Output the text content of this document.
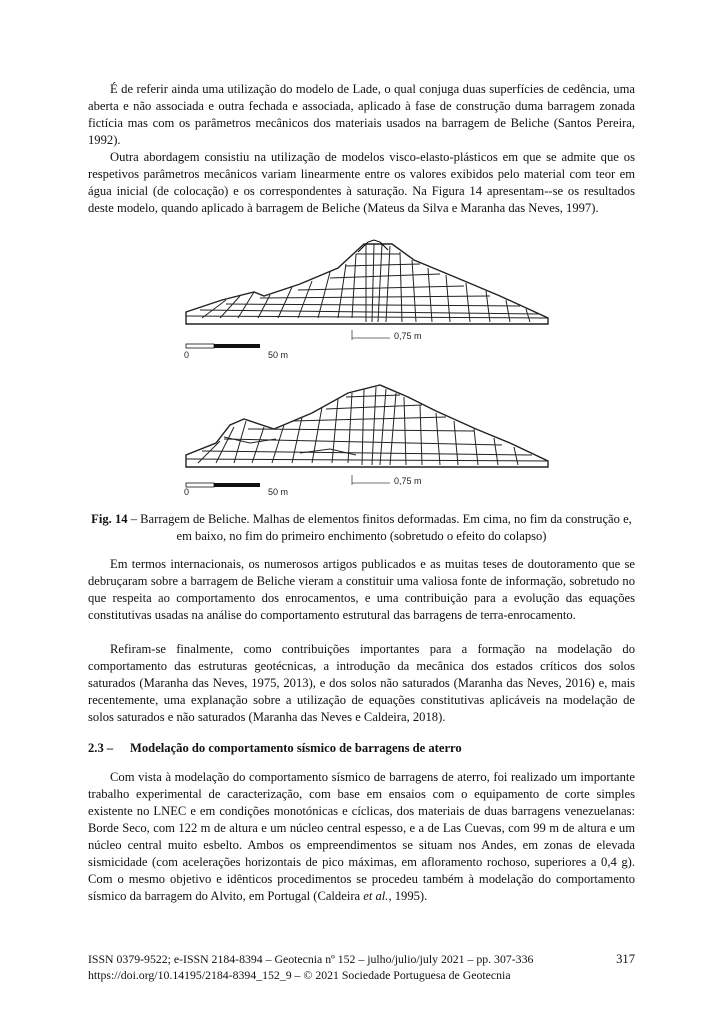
É de referir ainda uma utilização do modelo de Lade, o qual conjuga duas superfícies de cedência, uma aberta e não associada e outra fechada e associada, aplicado à fase de construção duma barragem zonada fictícia mas com os parâmetros mecânicos dos materiais usados na barragem de Beliche (Santos Pereira, 1992).

Outra abordagem consistiu na utilização de modelos visco-elasto-plásticos em que se admite que os respetivos parâmetros mecânicos variam linearmente entre os valores exibidos pelo material com teor em água inicial (de colocação) e os correspondentes à saturação. Na Figura 14 apresentam--se os resultados deste modelo, quando aplicado à barragem de Beliche (Mateus da Silva e Maranha das Neves, 1997).

0,75 m
0	50 m
0,75 m
0	50 m

Fig. 14 – Barragem de Beliche. Malhas de elementos finitos deformadas. Em cima, no fim da construção e, em baixo, no fim do primeiro enchimento (sobretudo o efeito do colapso)

Em termos internacionais, os numerosos artigos publicados e as muitas teses de doutoramento que se debruçaram sobre a barragem de Beliche vieram a constituir uma valiosa fonte de informação, sobretudo no que respeita ao comportamento dos enrocamentos, e uma contribuição para a evolução das equações constitutivas usadas na análise do comportamento estrutural das barragens de terra-enrocamento.

Refiram-se finalmente, como contribuições importantes para a formação na modelação do comportamento das estruturas geotécnicas, a introdução da mecânica dos estados críticos dos solos saturados (Maranha das Neves, 1975, 2013), e dos solos não saturados (Maranha das Neves, 2016) e, mais recentemente, uma explanação sobre a utilização de equações constitutivas aplicáveis na modelação de solos saturados e não saturados (Maranha das Neves e Caldeira, 2018).

2.3 – Modelação do comportamento sísmico de barragens de aterro

Com vista à modelação do comportamento sísmico de barragens de aterro, foi realizado um importante trabalho experimental de caracterização, com base em ensaios com o equipamento de corte simples existente no LNEC e em condições monotónicas e cíclicas, dos materiais de duas barragens venezuelanas: Borde Seco, com 122 m de altura e um núcleo central espesso, e a de Las Cuevas, com 99 m de altura e um núcleo central muito esbelto. Ambos os empreendimentos se situam nos Andes, em zonas de elevada sismicidade (com acelerações horizontais de pico máximas, em afloramento rochoso, superiores a 0,4 g). Com o mesmo objetivo e idênticos procedimentos se procedeu também à modelação do comportamento sísmico da barragem do Alvito, em Portugal (Caldeira et al., 1995).

ISSN 0379-9522; e-ISSN 2184-8394 – Geotecnia nº 152 – julho/julio/july 2021 – pp. 307-336
https://doi.org/10.14195/2184-8394_152_9 – © 2021 Sociedade Portuguesa de Geotecnia
317
